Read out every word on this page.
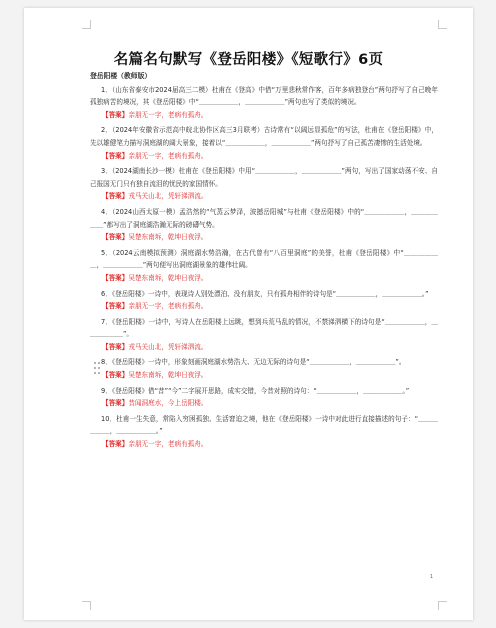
名篇名句默写《登岳阳楼》《短歌行》6页
登岳阳楼（教师版）

1．（山东省泰安市2024届高三二模）杜甫在《登高》中借“万里悲秋常作客，百年多病独登台”两句抒写了自己晚年孤独病苦的境况，其《登岳阳楼》中“＿＿＿＿＿＿，＿＿＿＿＿＿”两句也写了类似的境况。

【答案】亲朋无一字，老病有孤舟。

2．（2024年安徽省示范高中皖北协作区高三3月联考）古诗常有“以阔远显孤危”的写法，杜甫在《登岳阳楼》中，先以雄健笔力描写洞庭湖的阔大景象，接着以“＿＿＿＿＿＿，＿＿＿＿＿＿”两句抒写了自己孤苦凄惨的生活处境。

【答案】亲朋无一字，老病有孤舟。

3．（2024湖南长沙一模）杜甫在《登岳阳楼》中用“＿＿＿＿＿＿，＿＿＿＿＿＿”两句，写出了国家动荡不安、自己报国无门只有独自流泪的忧民的家国情怀。

【答案】戎马关山北，凭轩涕泗流。

4．（2024山西太原一模）孟浩然的“气蒸云梦泽，波撼岳阳城”与杜甫《登岳阳楼》中的“＿＿＿＿＿＿，＿＿＿＿＿＿”都写出了洞庭湖浩瀚无际的磅礴气势。

【答案】吴楚东南坼，乾坤日夜浮。

5．（2024云南模拟预测）洞庭湖水势浩瀚，在古代曾有“八百里洞庭”的美誉，杜甫《登岳阳楼》中“＿＿＿＿＿＿，＿＿＿＿＿＿”两句便写出洞庭湖景象的雄伟壮阔。

【答案】吴楚东南坼，乾坤日夜浮。

6．《登岳阳楼》一诗中，表现诗人别处漂泊、没有朋友，只有孤舟相伴的诗句是“＿＿＿＿＿＿，＿＿＿＿＿＿。”

【答案】亲朋无一字，老病有孤舟。

7．《登岳阳楼》一诗中，写诗人在岳阳楼上远眺，想到兵荒马乱的情况，不禁涕泗横下的诗句是“＿＿＿＿＿＿，＿＿＿＿＿＿”。

【答案】戎马关山北，凭轩涕泗流。

8．《登岳阳楼》一诗中，形象刻画洞庭湖水势浩大、无边无际的诗句是“＿＿＿＿＿＿，＿＿＿＿＿＿”。

【答案】吴楚东南坼，乾坤日夜浮。

9．《登岳阳楼》借“昔”“今”二字展开思路，成实交错，今昔对照的诗句：“＿＿＿＿＿＿，＿＿＿＿＿＿。”

【答案】昔闻洞庭水，今上岳阳楼。

10．杜甫一生失意，常陷入穷困孤独、生活窘迫之境，他在《登岳阳楼》一诗中对此进行直接描述的句子：“＿＿＿＿＿＿，＿＿＿＿＿＿。”

【答案】亲朋无一字，老病有孤舟。

1
